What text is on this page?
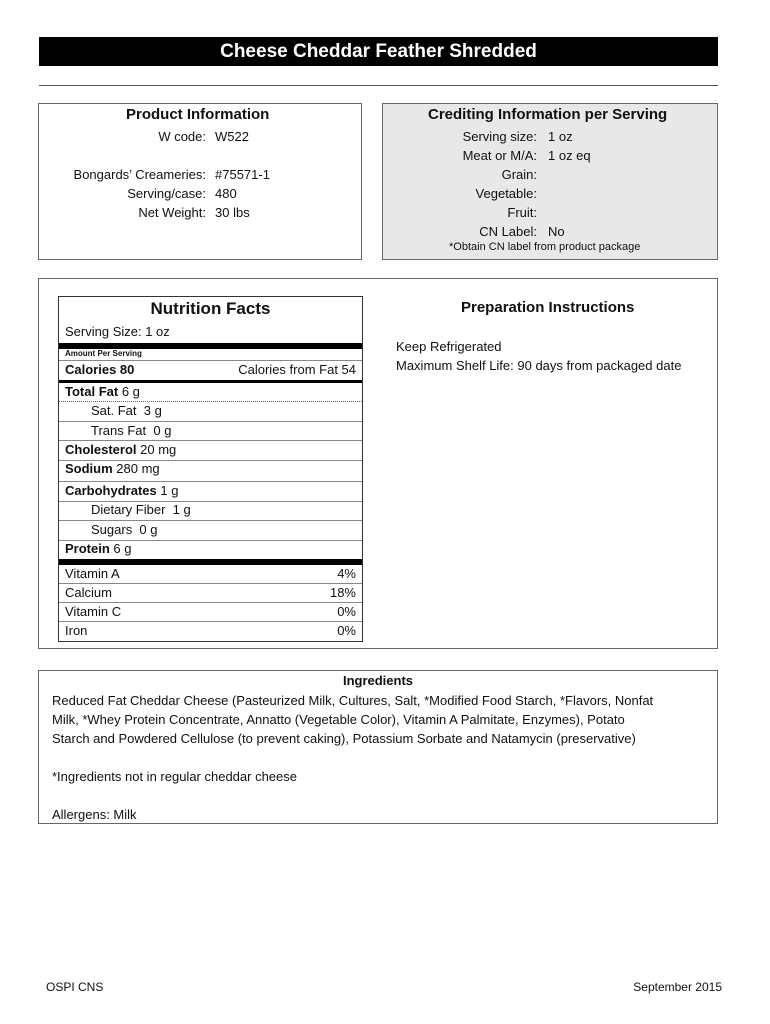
Cheese Cheddar Feather Shredded
Product Information
W code: W522
Bongards’ Creameries: #75571-1
Serving/case: 480
Net Weight: 30 lbs
Crediting Information per Serving
Serving size: 1 oz
Meat or M/A: 1 oz eq
Grain:
Vegetable:
Fruit:
CN Label: No
*Obtain CN label from product package
Nutrition Facts
Serving Size: 1 oz
Amount Per Serving
Calories 80	Calories from Fat 54
Total Fat 6 g
Sat. Fat  3 g
Trans Fat  0 g
Cholesterol 20 mg
Sodium 280 mg
Carbohydrates 1 g
Dietary Fiber  1 g
Sugars  0 g
Protein 6 g
Vitamin A	4%
Calcium	18%
Vitamin C	0%
Iron	0%
Preparation Instructions
Keep Refrigerated
Maximum Shelf Life: 90 days from packaged date
Ingredients
Reduced Fat Cheddar Cheese (Pasteurized Milk, Cultures, Salt, *Modified Food Starch, *Flavors, Nonfat
Milk, *Whey Protein Concentrate, Annatto (Vegetable Color), Vitamin A Palmitate, Enzymes), Potato
Starch and Powdered Cellulose (to prevent caking), Potassium Sorbate and Natamycin (preservative)
*Ingredients not in regular cheddar cheese
Allergens: Milk
OSPI CNS	September 2015
